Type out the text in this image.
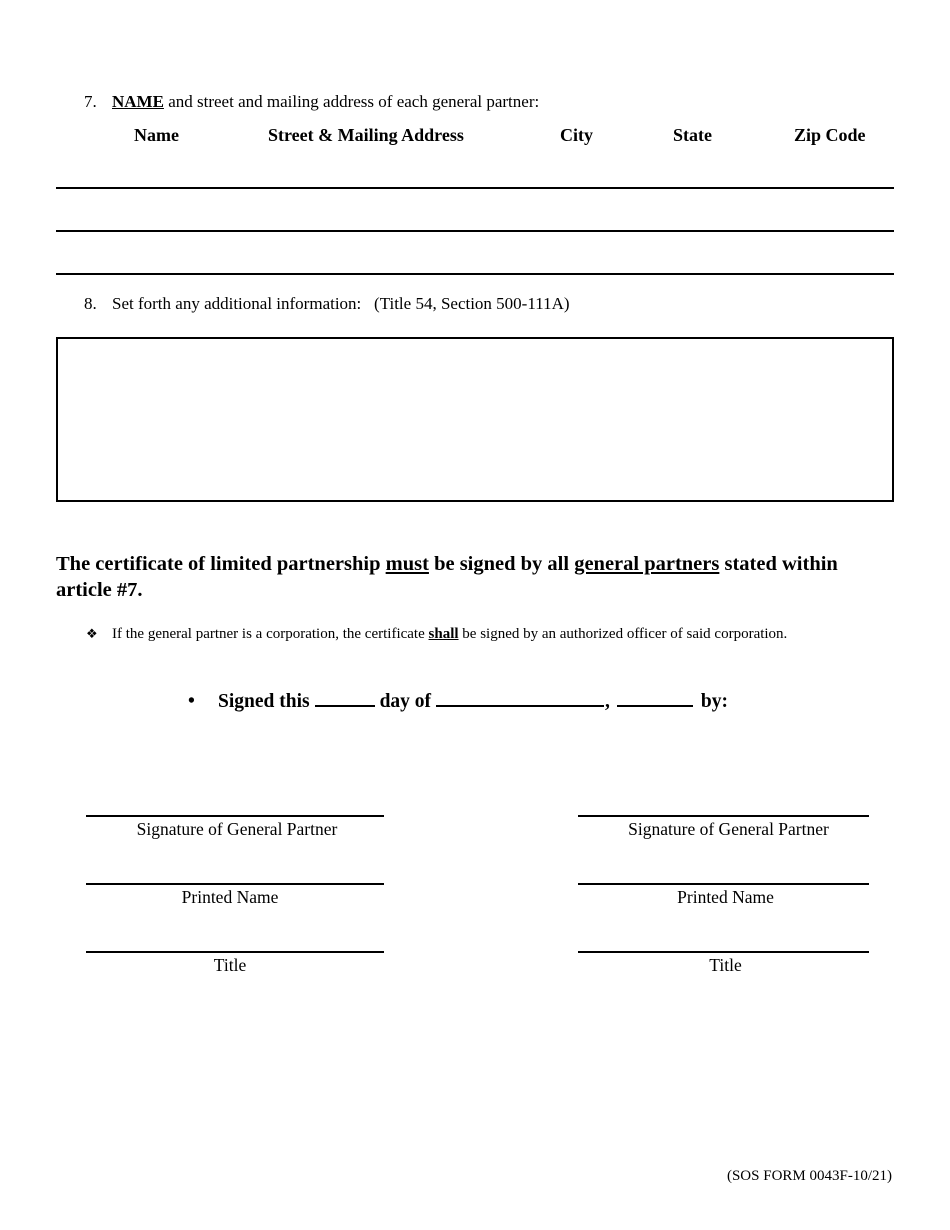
7. NAME and street and mailing address of each general partner:
Name	Street & Mailing Address	City	State	Zip Code
8. Set forth any additional information:   (Title 54, Section 500-111A)
The certificate of limited partnership must be signed by all general partners stated within article #7.
❖ If the general partner is a corporation, the certificate shall be signed by an authorized officer of said corporation.
• Signed this	day of	,	by:
Signature of General Partner
Printed Name
Title
Signature of General Partner
Printed Name
Title
(SOS FORM 0043F-10/21)
